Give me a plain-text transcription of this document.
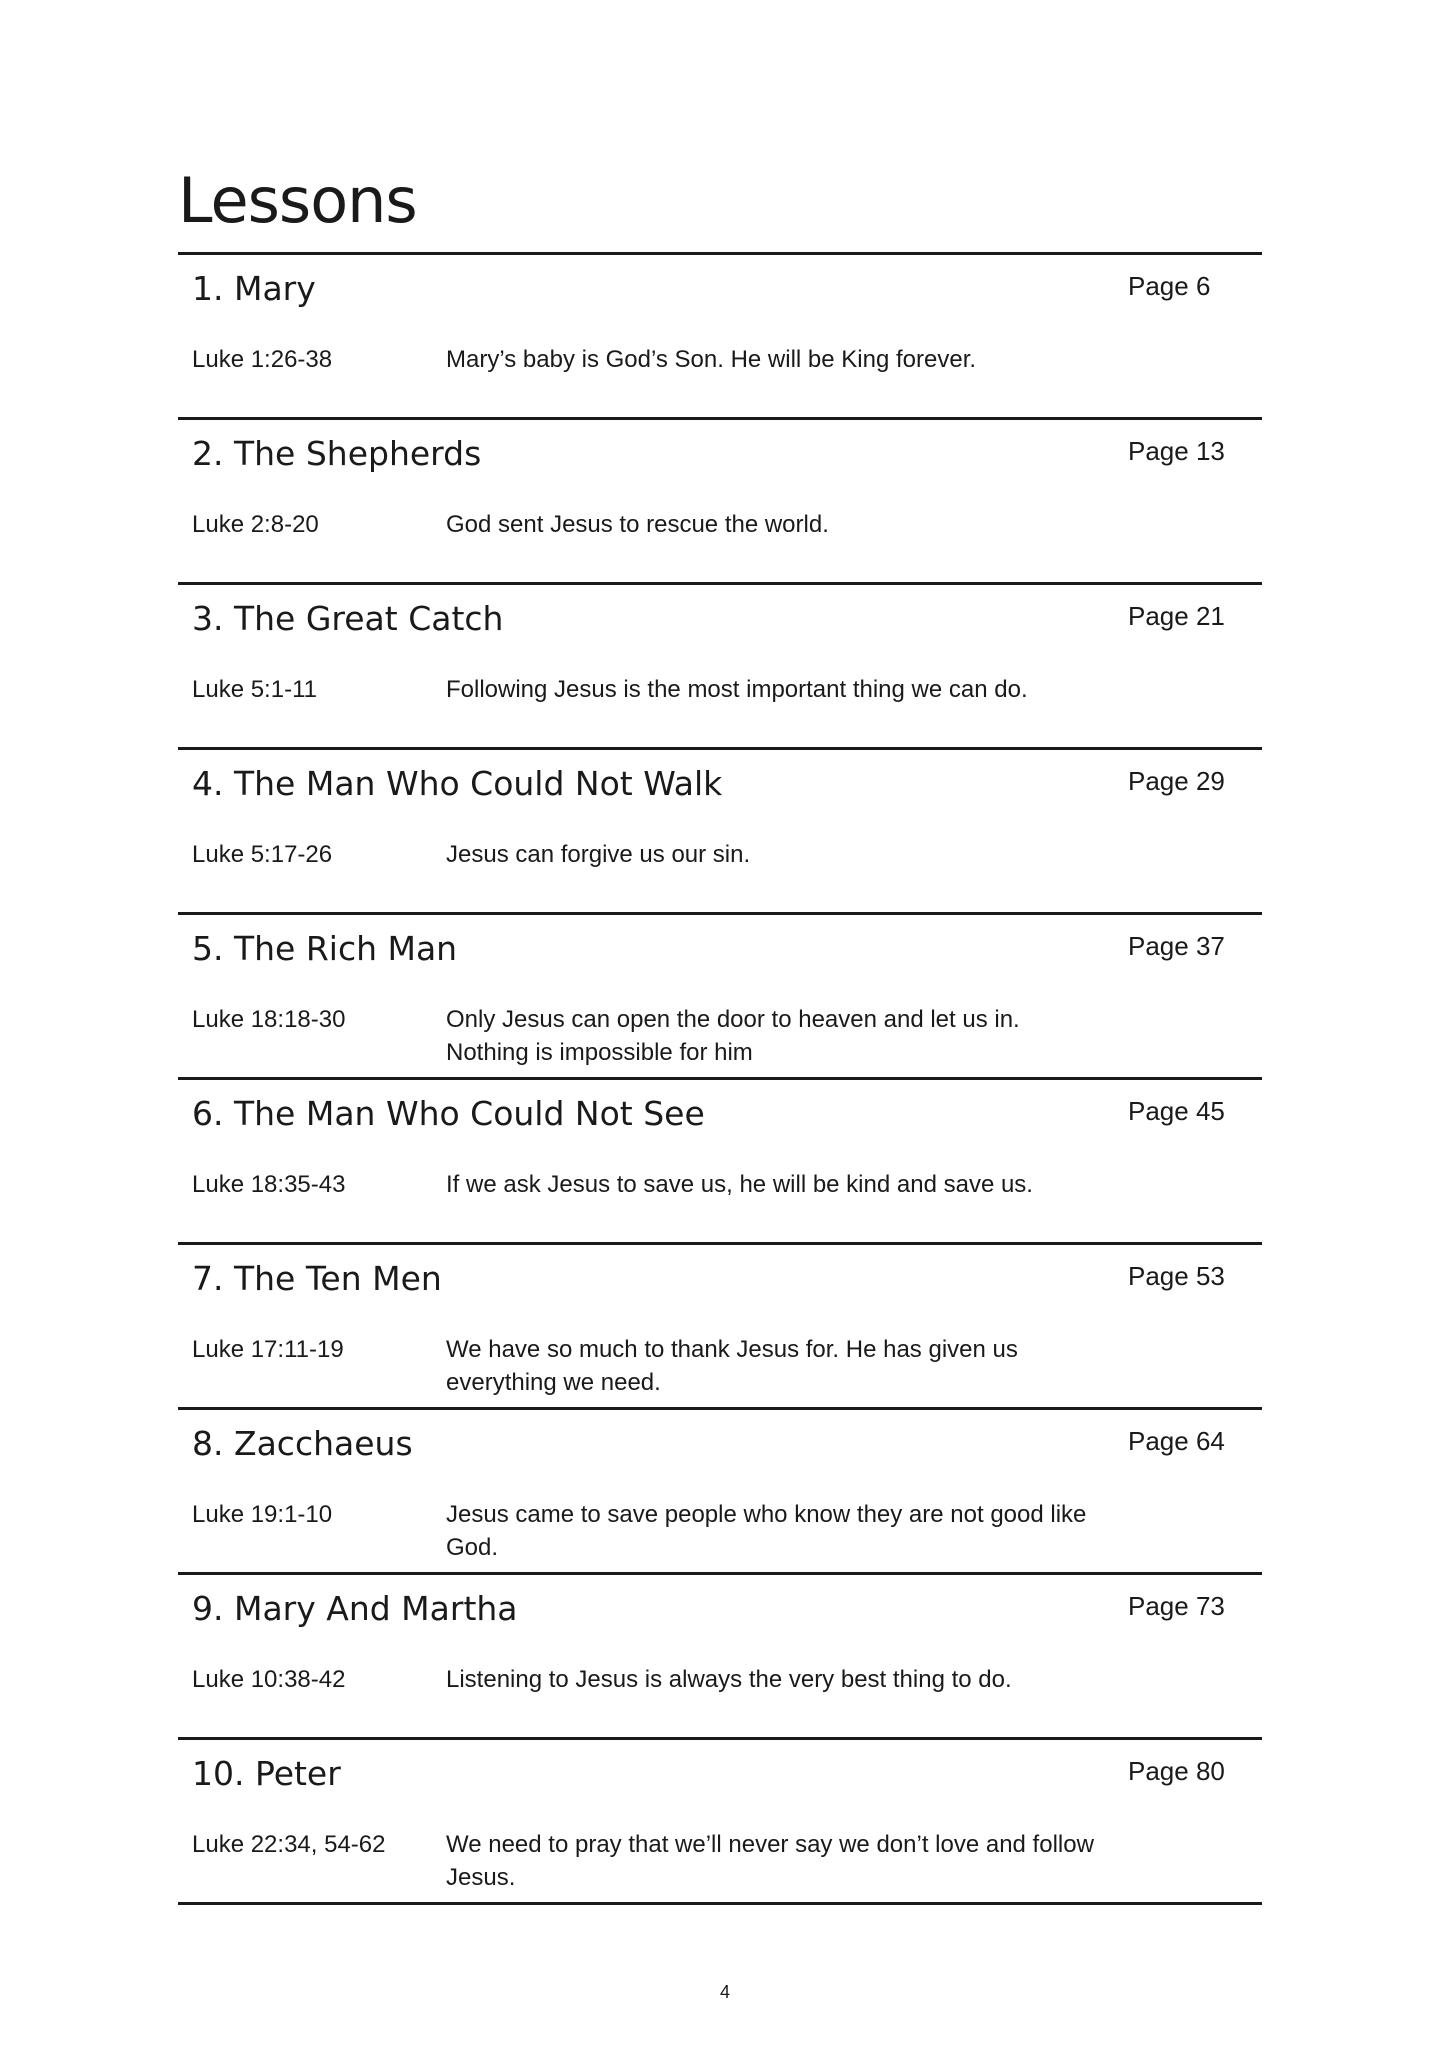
Lessons
1. Mary	Page 6
Luke 1:26-38	Mary’s baby is God’s Son. He will be King forever.
2. The Shepherds	Page 13
Luke 2:8-20	God sent Jesus to rescue the world.
3. The Great Catch	Page 21
Luke 5:1-11	Following Jesus is the most important thing we can do.
4. The Man Who Could Not Walk	Page 29
Luke 5:17-26	Jesus can forgive us our sin.
5. The Rich Man	Page 37
Luke 18:18-30	Only Jesus can open the door to heaven and let us in. Nothing is impossible for him
6. The Man Who Could Not See	Page 45
Luke 18:35-43	If we ask Jesus to save us, he will be kind and save us.
7. The Ten Men	Page 53
Luke 17:11-19	We have so much to thank Jesus for. He has given us everything we need.
8. Zacchaeus	Page 64
Luke 19:1-10	Jesus came to save people who know they are not good like God.
9. Mary And Martha	Page 73
Luke 10:38-42	Listening to Jesus is always the very best thing to do.
10. Peter	Page 80
Luke 22:34, 54-62	We need to pray that we’ll never say we don’t love and follow Jesus.
4
